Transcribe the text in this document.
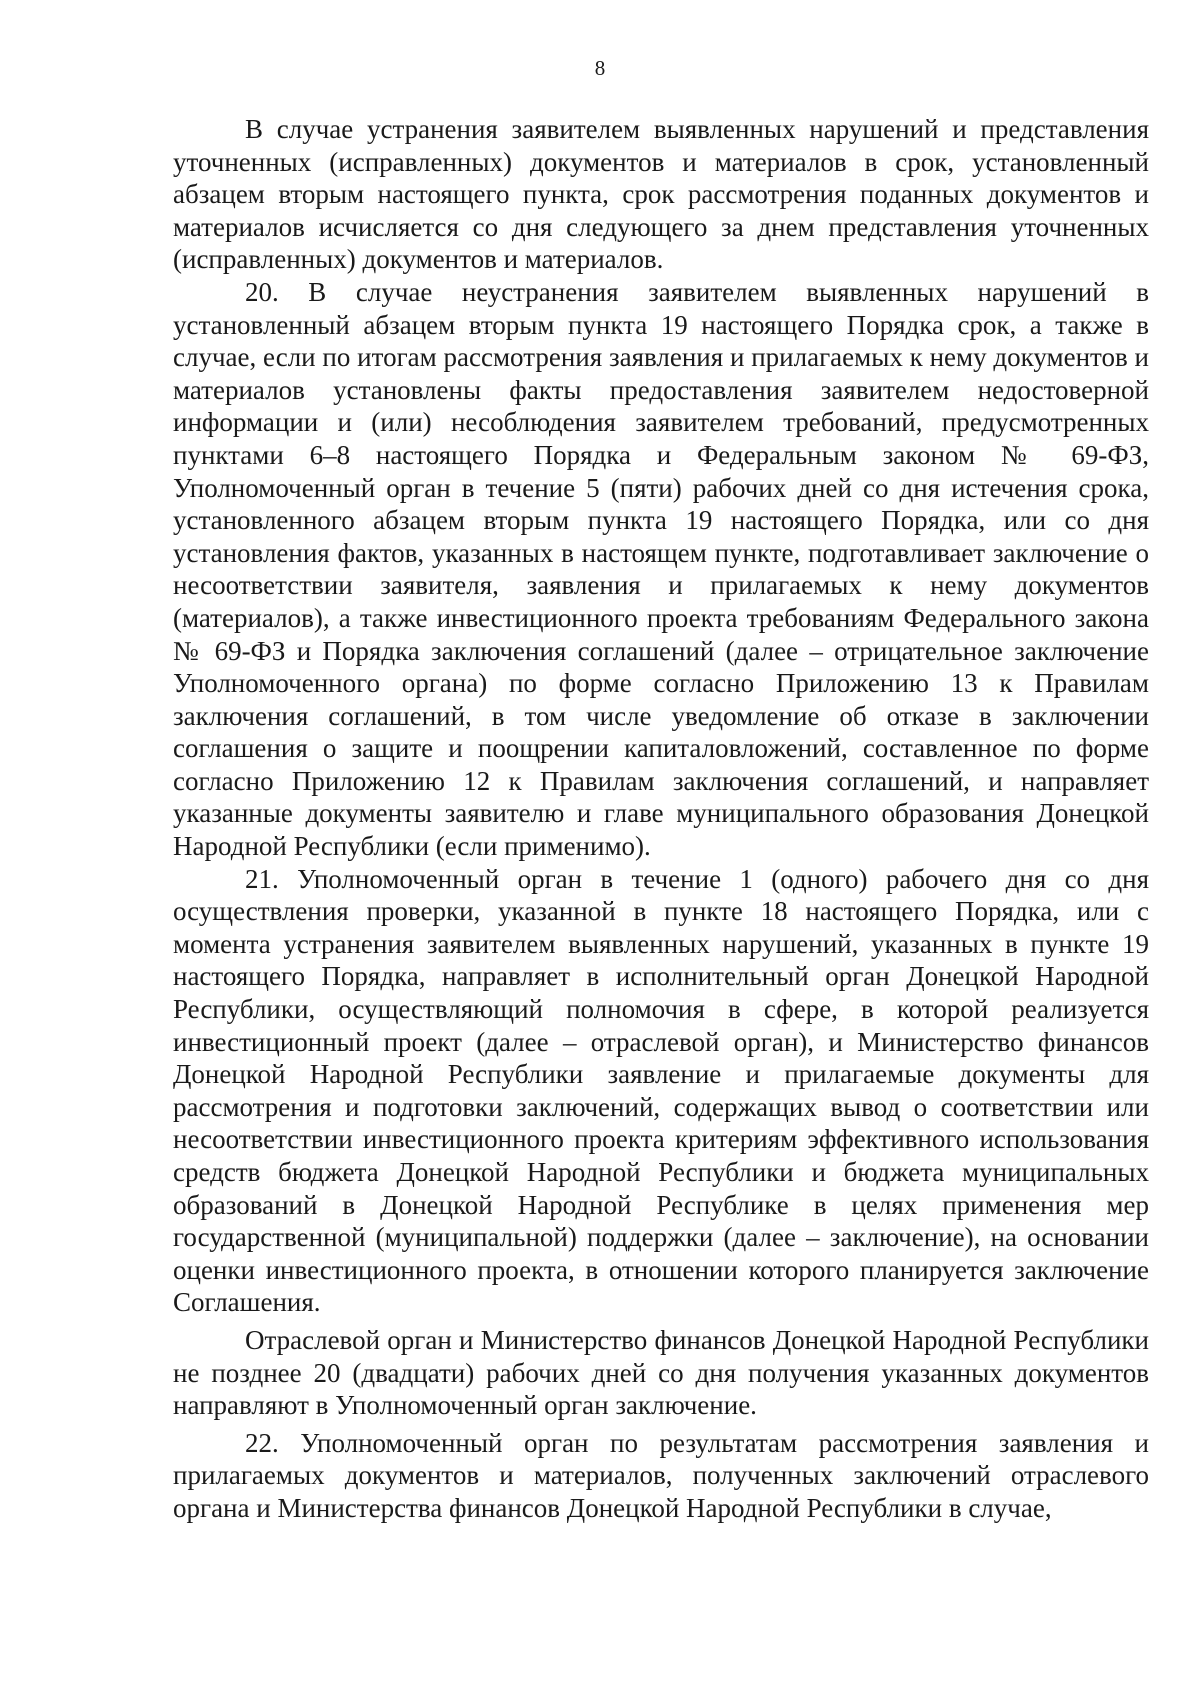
8

В случае устранения заявителем выявленных нарушений и представления уточненных (исправленных) документов и материалов в срок, установленный абзацем вторым настоящего пункта, срок рассмотрения поданных документов и материалов исчисляется со дня следующего за днем представления уточненных (исправленных) документов и материалов.

20. В случае неустранения заявителем выявленных нарушений в установленный абзацем вторым пункта 19 настоящего Порядка срок, а также в случае, если по итогам рассмотрения заявления и прилагаемых к нему документов и материалов установлены факты предоставления заявителем недостоверной информации и (или) несоблюдения заявителем требований, предусмотренных пунктами 6–8 настоящего Порядка и Федеральным законом № 69-ФЗ, Уполномоченный орган в течение 5 (пяти) рабочих дней со дня истечения срока, установленного абзацем вторым пункта 19 настоящего Порядка, или со дня установления фактов, указанных в настоящем пункте, подготавливает заключение о несоответствии заявителя, заявления и прилагаемых к нему документов (материалов), а также инвестиционного проекта требованиям Федерального закона № 69-ФЗ и Порядка заключения соглашений (далее – отрицательное заключение Уполномоченного органа) по форме согласно Приложению 13 к Правилам заключения соглашений, в том числе уведомление об отказе в заключении соглашения о защите и поощрении капиталовложений, составленное по форме согласно Приложению 12 к Правилам заключения соглашений, и направляет указанные документы заявителю и главе муниципального образования Донецкой Народной Республики (если применимо).

21. Уполномоченный орган в течение 1 (одного) рабочего дня со дня осуществления проверки, указанной в пункте 18 настоящего Порядка, или с момента устранения заявителем выявленных нарушений, указанных в пункте 19 настоящего Порядка, направляет в исполнительный орган Донецкой Народной Республики, осуществляющий полномочия в сфере, в которой реализуется инвестиционный проект (далее – отраслевой орган), и Министерство финансов Донецкой Народной Республики заявление и прилагаемые документы для рассмотрения и подготовки заключений, содержащих вывод о соответствии или несоответствии инвестиционного проекта критериям эффективного использования средств бюджета Донецкой Народной Республики и бюджета муниципальных образований в Донецкой Народной Республике в целях применения мер государственной (муниципальной) поддержки (далее – заключение), на основании оценки инвестиционного проекта, в отношении которого планируется заключение Соглашения.

Отраслевой орган и Министерство финансов Донецкой Народной Республики не позднее 20 (двадцати) рабочих дней со дня получения указанных документов направляют в Уполномоченный орган заключение.

22. Уполномоченный орган по результатам рассмотрения заявления и прилагаемых документов и материалов, полученных заключений отраслевого органа и Министерства финансов Донецкой Народной Республики в случае,
